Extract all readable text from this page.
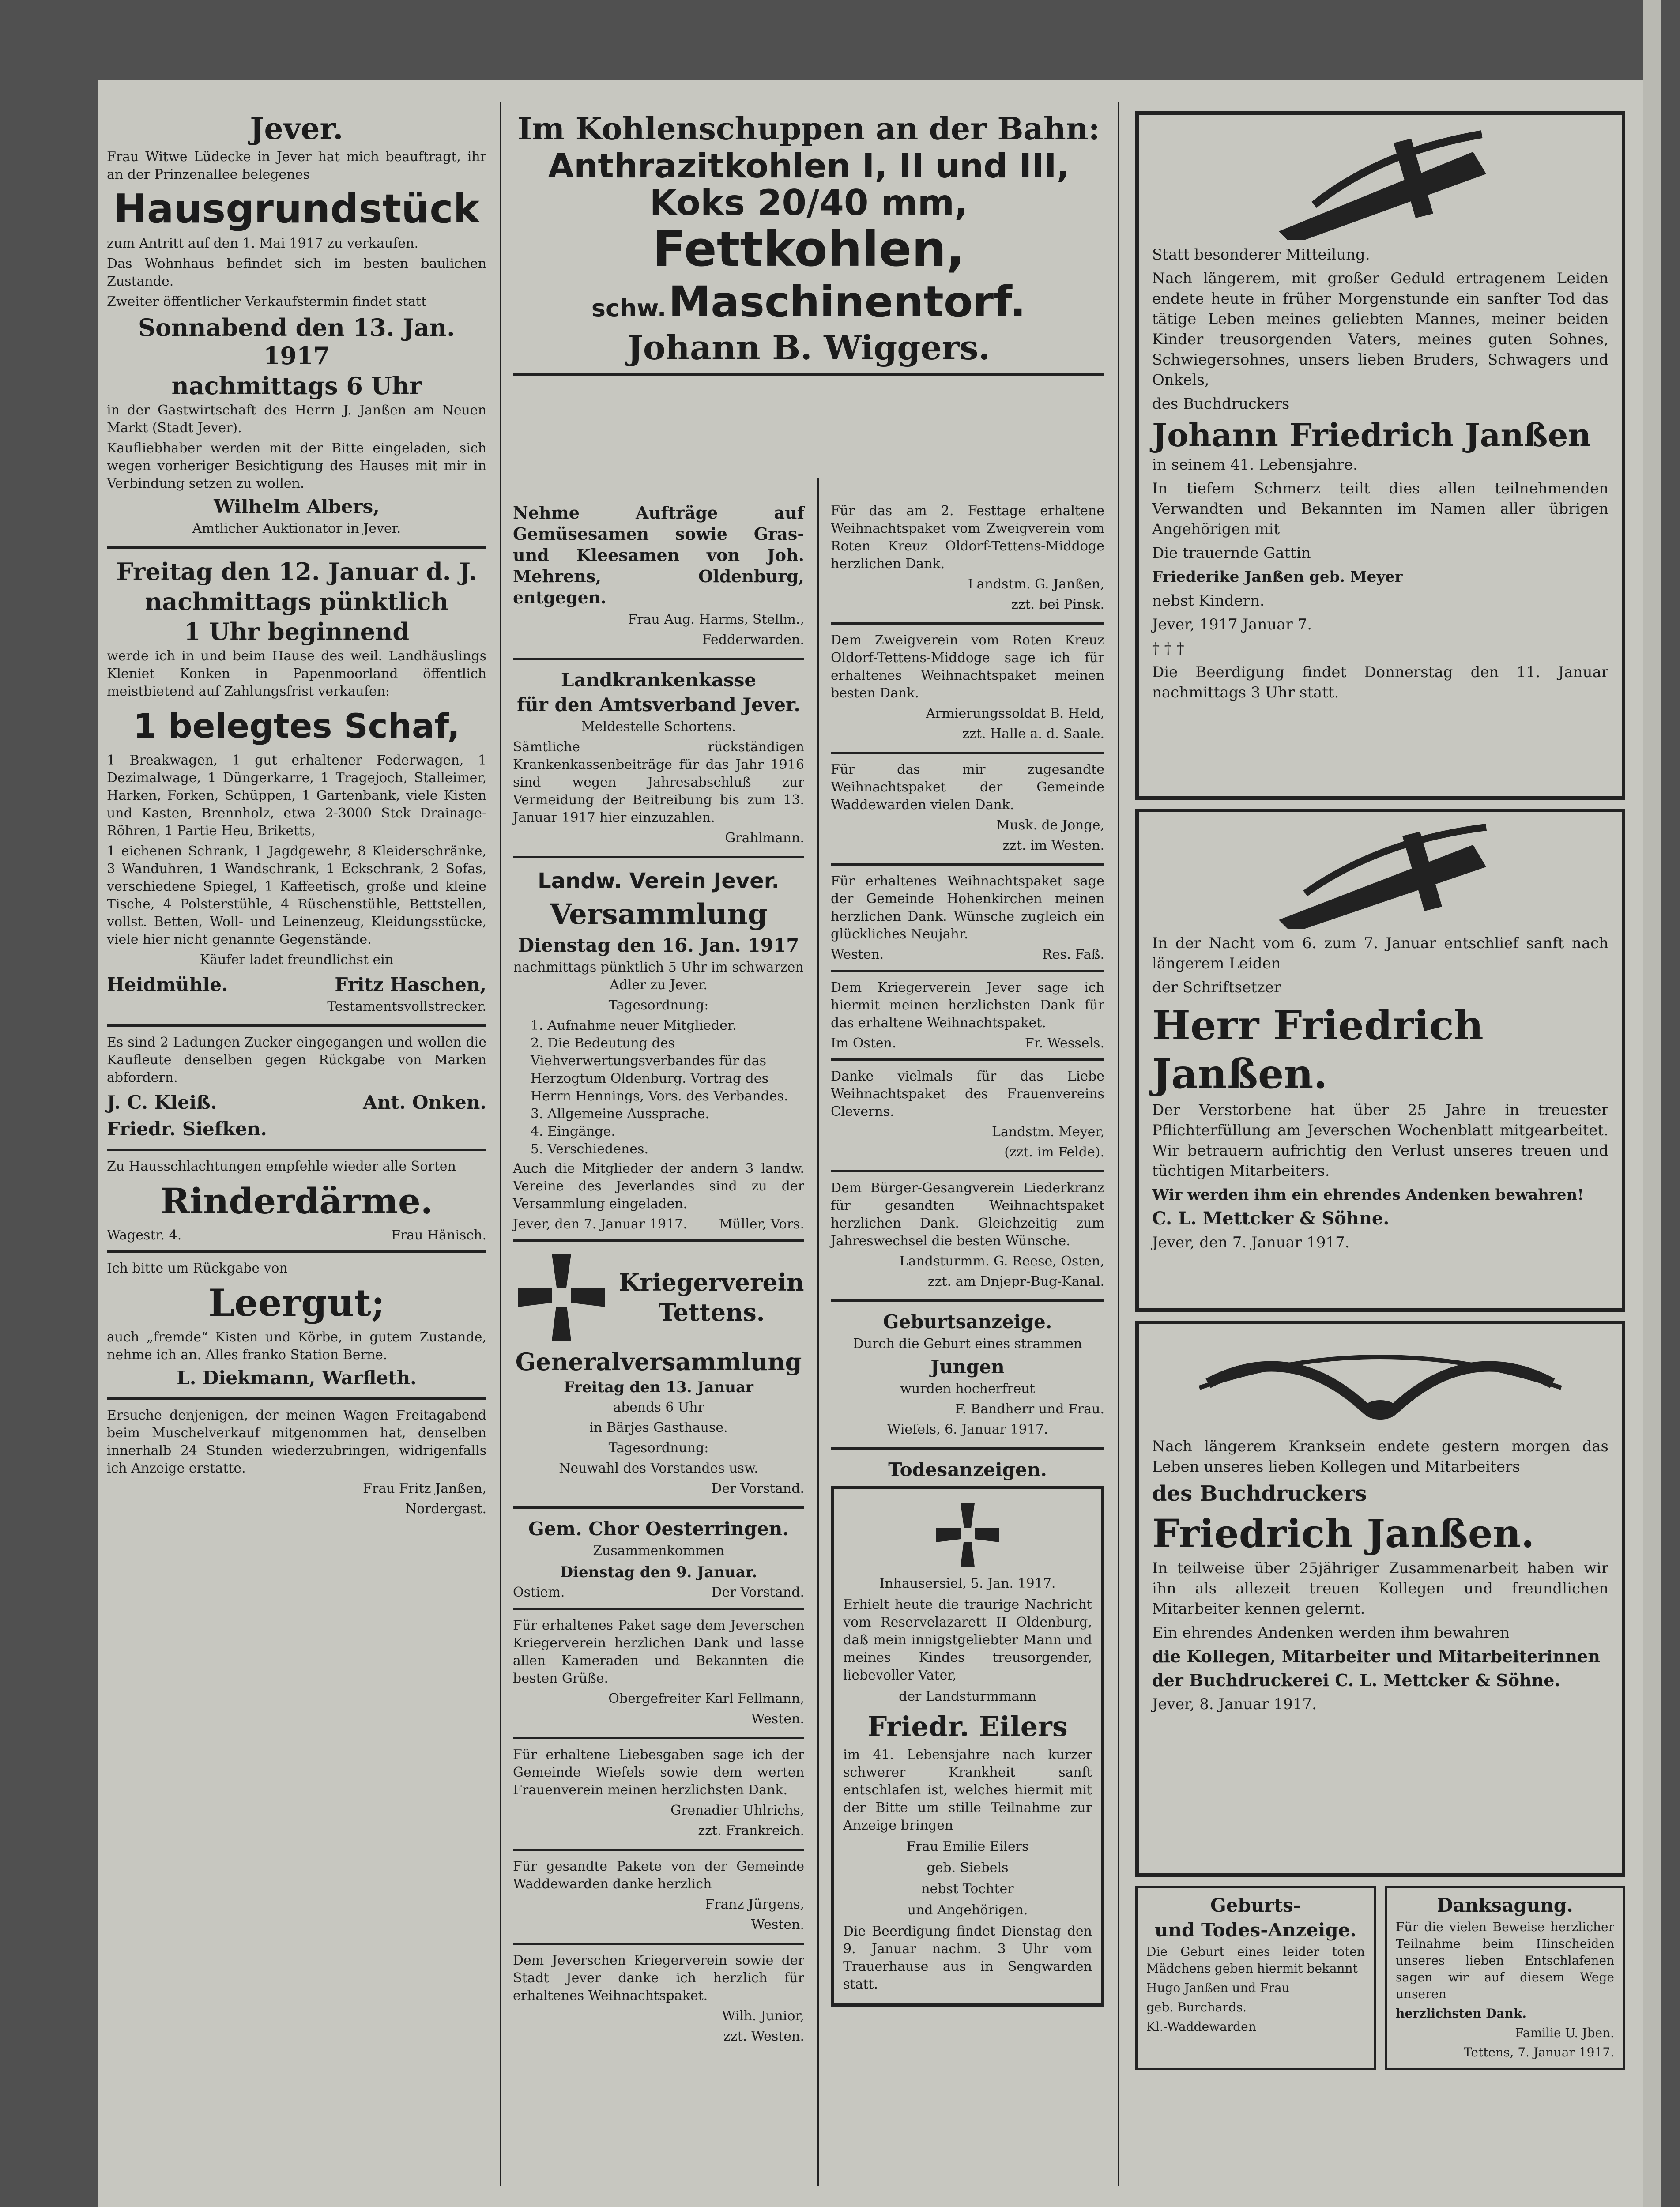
Jever.

Frau Witwe Lüdecke in Jever hat mich beauftragt, ihr an der Prinzenallee belegenes

Hausgrundstück

zum Antritt auf den 1. Mai 1917 zu verkaufen.

Das Wohnhaus befindet sich im besten baulichen Zustande.

Zweiter öffentlicher Verkaufstermin findet statt

Sonnabend den 13. Jan. 1917
nachmittags 6 Uhr

in der Gastwirtschaft des Herrn J. Janßen am Neuen Markt (Stadt Jever).

Kaufliebhaber werden mit der Bitte eingeladen, sich wegen vorheriger Besichtigung des Hauses mit mir in Verbindung setzen zu wollen.

Wilhelm Albers,

Amtlicher Auktionator in Jever.

Freitag den 12. Januar d. J.
nachmittags pünktlich
1 Uhr beginnend

werde ich in und beim Hause des weil. Landhäuslings Kleniet Konken in Papenmoorland öffentlich meistbietend auf Zahlungsfrist verkaufen:

1 belegtes Schaf,

1 Breakwagen, 1 gut erhaltener Federwagen, 1 Dezimalwage, 1 Düngerkarre, 1 Tragejoch, Stalleimer, Harken, Forken, Schüppen, 1 Gartenbank, viele Kisten und Kasten, Brennholz, etwa 2-3000 Stck Drainage-Röhren, 1 Partie Heu, Briketts,

1 eichenen Schrank, 1 Jagdgewehr, 8 Kleiderschränke, 3 Wanduhren, 1 Wandschrank, 1 Eckschrank, 2 Sofas, verschiedene Spiegel, 1 Kaffeetisch, große und kleine Tische, 4 Polsterstühle, 4 Rüschenstühle, Bettstellen, vollst. Betten, Woll- und Leinenzeug, Kleidungsstücke, viele hier nicht genannte Gegenstände.

Käufer ladet freundlichst ein

Heidmühle.	Fritz Haschen,

Testamentsvollstrecker.

Es sind 2 Ladungen Zucker eingegangen und wollen die Kaufleute denselben gegen Rückgabe von Marken abfordern.

J. C. Kleiß.	Ant. Onken.
Friedr. Siefken.

Zu Hausschlachtungen empfehle wieder alle Sorten

Rinderdärme.
Wagestr. 4.	Frau Hänisch.

Ich bitte um Rückgabe von

Leergut;

auch „fremde“ Kisten und Körbe, in gutem Zustande, nehme ich an. Alles franko Station Berne.

L. Diekmann, Warfleth.

Ersuche denjenigen, der meinen Wagen Freitagabend beim Muschelverkauf mitgenommen hat, denselben innerhalb 24 Stunden wiederzubringen, widrigenfalls ich Anzeige erstatte.

Frau Fritz Janßen,

Nordergast.

Im Kohlenschuppen an der Bahn:
Anthrazitkohlen I, II und III,
Koks 20/40 mm,
Fettkohlen,
schw. Maschinentorf.
Johann B. Wiggers.

Nehme Aufträge auf Gemüsesamen sowie Gras- und Kleesamen von Joh. Mehrens, Oldenburg, entgegen.

Frau Aug. Harms, Stellm.,

Fedderwarden.

Landkrankenkasse
für den Amtsverband Jever.

Meldestelle Schortens.

Sämtliche rückständigen Krankenkassenbeiträge für das Jahr 1916 sind wegen Jahresabschluß zur Vermeidung der Beitreibung bis zum 13. Januar 1917 hier einzuzahlen.

Grahlmann.

Landw. Verein Jever.
Versammlung
Dienstag den 16. Jan. 1917

nachmittags pünktlich 5 Uhr im schwarzen Adler zu Jever.

Tagesordnung:

1. Aufnahme neuer Mitglieder.
2. Die Bedeutung des Viehverwertungsverbandes für das Herzogtum Oldenburg. Vortrag des Herrn Hennings, Vors. des Verbandes.
3. Allgemeine Aussprache.
4. Eingänge.
5. Verschiedenes.

Auch die Mitglieder der andern 3 landw. Vereine des Jeverlandes sind zu der Versammlung eingeladen.

Jever, den 7. Januar 1917. Müller, Vors.
Kriegerverein
Tettens.
Generalversammlung
Freitag den 13. Januar

abends 6 Uhr

in Bärjes Gasthause.

Tagesordnung:

Neuwahl des Vorstandes usw.

Der Vorstand.

Gem. Chor Oesterringen.

Zusammenkommen

Dienstag den 9. Januar.
Ostiem.	Der Vorstand.

Für erhaltenes Paket sage dem Jeverschen Kriegerverein herzlichen Dank und lasse allen Kameraden und Bekannten die besten Grüße.

Obergefreiter Karl Fellmann,

Westen.

Für erhaltene Liebesgaben sage ich der Gemeinde Wiefels sowie dem werten Frauenverein meinen herzlichsten Dank.

Grenadier Uhlrichs,

zzt. Frankreich.

Für gesandte Pakete von der Gemeinde Waddewarden danke herzlich

Franz Jürgens,

Westen.

Dem Jeverschen Kriegerverein sowie der Stadt Jever danke ich herzlich für erhaltenes Weihnachtspaket.

Wilh. Junior,

zzt. Westen.

Für das am 2. Festtage erhaltene Weihnachtspaket vom Zweigverein vom Roten Kreuz Oldorf-Tettens-Middoge herzlichen Dank.

Landstm. G. Janßen,

zzt. bei Pinsk.

Dem Zweigverein vom Roten Kreuz Oldorf-Tettens-Middoge sage ich für erhaltenes Weihnachtspaket meinen besten Dank.

Armierungssoldat B. Held,

zzt. Halle a. d. Saale.

Für das mir zugesandte Weihnachtspaket der Gemeinde Waddewarden vielen Dank.

Musk. de Jonge,

zzt. im Westen.

Für erhaltenes Weihnachtspaket sage der Gemeinde Hohenkirchen meinen herzlichen Dank. Wünsche zugleich ein glückliches Neujahr.

Westen.	Res. Faß.

Dem Kriegerverein Jever sage ich hiermit meinen herzlichsten Dank für das erhaltene Weihnachtspaket.

Im Osten.	Fr. Wessels.

Danke vielmals für das Liebe Weihnachtspaket des Frauenvereins Cleverns.

Landstm. Meyer,

(zzt. im Felde).

Dem Bürger-Gesangverein Liederkranz für gesandten Weihnachtspaket herzlichen Dank. Gleichzeitig zum Jahreswechsel die besten Wünsche.

Landsturmm. G. Reese, Osten,

zzt. am Dnjepr-Bug-Kanal.

Geburtsanzeige.

Durch die Geburt eines strammen

Jungen

wurden hocherfreut

F. Bandherr und Frau.

Wiefels, 6. Januar 1917.

Todesanzeigen.

Inhausersiel, 5. Jan. 1917.

Erhielt heute die traurige Nachricht vom Reservelazarett II Oldenburg, daß mein innigstgeliebter Mann und meines Kindes treusorgender, liebevoller Vater,

der Landsturmmann

Friedr. Eilers

im 41. Lebensjahre nach kurzer schwerer Krankheit sanft entschlafen ist, welches hiermit mit der Bitte um stille Teilnahme zur Anzeige bringen

Frau Emilie Eilers

geb. Siebels

nebst Tochter

und Angehörigen.

Die Beerdigung findet Dienstag den 9. Januar nachm. 3 Uhr vom Trauerhause aus in Sengwarden statt.

Statt besonderer Mitteilung.

Nach längerem, mit großer Geduld ertragenem Leiden endete heute in früher Morgenstunde ein sanfter Tod das tätige Leben meines geliebten Mannes, meiner beiden Kinder treusorgenden Vaters, meines guten Sohnes, Schwiegersohnes, unsers lieben Bruders, Schwagers und Onkels,

des Buchdruckers

Johann Friedrich Janßen

in seinem 41. Lebensjahre.

In tiefem Schmerz teilt dies allen teilnehmenden Verwandten und Bekannten im Namen aller übrigen Angehörigen mit

Die trauernde Gattin

Friederike Janßen geb. Meyer

nebst Kindern.

Jever, 1917 Januar 7.

† † †

Die Beerdigung findet Donnerstag den 11. Januar nachmittags 3 Uhr statt.

In der Nacht vom 6. zum 7. Januar entschlief sanft nach längerem Leiden

der Schriftsetzer

Herr Friedrich Janßen.

Der Verstorbene hat über 25 Jahre in treuester Pflichterfüllung am Jeverschen Wochenblatt mitgearbeitet. Wir betrauern aufrichtig den Verlust unseres treuen und tüchtigen Mitarbeiters.

Wir werden ihm ein ehrendes Andenken bewahren!

C. L. Mettcker & Söhne.

Jever, den 7. Januar 1917.

Nach längerem Kranksein endete gestern morgen das Leben unseres lieben Kollegen und Mitarbeiters

des Buchdruckers

Friedrich Janßen.

In teilweise über 25jähriger Zusammenarbeit haben wir ihn als allezeit treuen Kollegen und freundlichen Mitarbeiter kennen gelernt.

Ein ehrendes Andenken werden ihm bewahren

die Kollegen, Mitarbeiter und Mitarbeiterinnen

der Buchdruckerei C. L. Mettcker & Söhne.

Jever, 8. Januar 1917.

Geburts-
und Todes-Anzeige.

Die Geburt eines leider toten Mädchens geben hiermit bekannt

Hugo Janßen und Frau

geb. Burchards.

Kl.-Waddewarden

Danksagung.

Für die vielen Beweise herzlicher Teilnahme beim Hinscheiden unseres lieben Entschlafenen sagen wir auf diesem Wege unseren

herzlichsten Dank.

Familie U. Jben.

Tettens, 7. Januar 1917.
